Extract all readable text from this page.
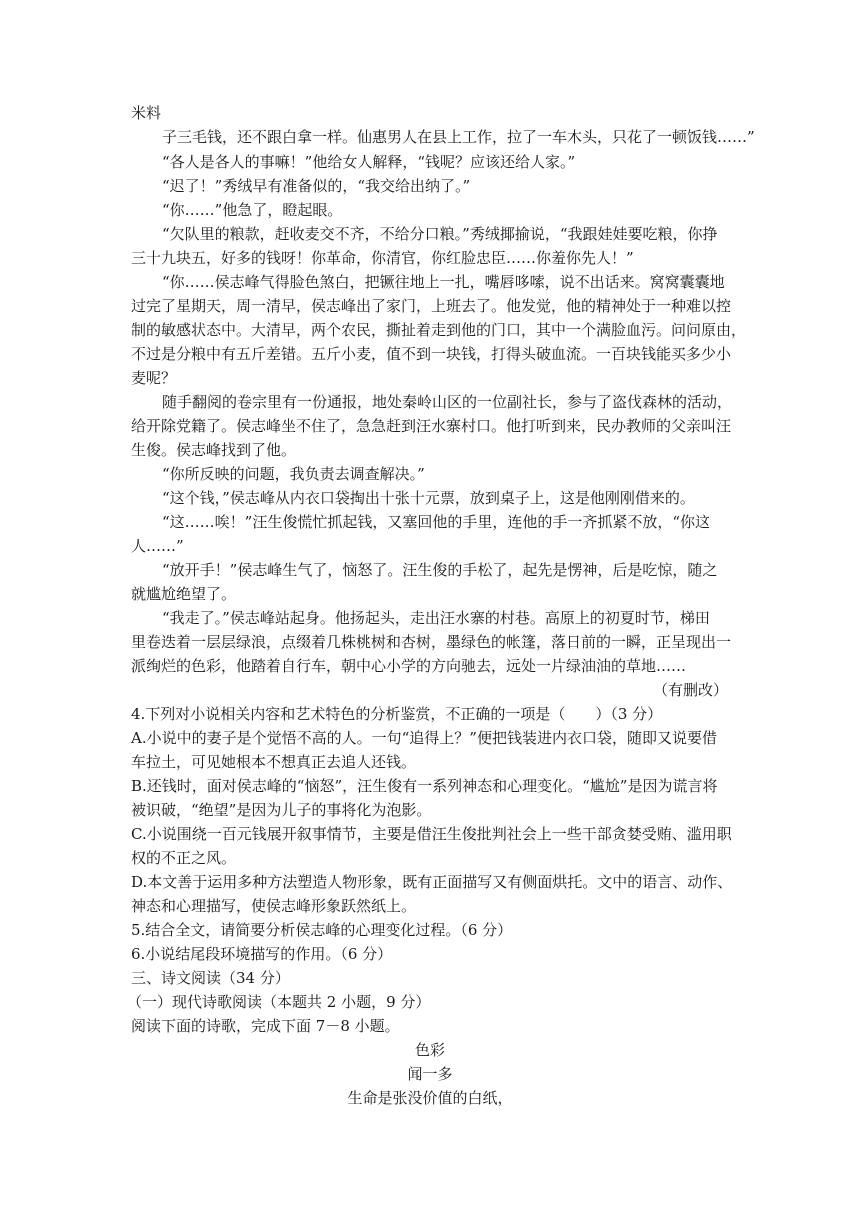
米料
子三毛钱，还不跟白拿一样。仙惠男人在县上工作，拉了一车木头，只花了一顿饭钱……”
“各人是各人的事嘛！”他给女人解释，“钱呢？应该还给人家。”
“迟了！”秀绒早有准备似的，“我交给出纳了。”
“你……”他急了，瞪起眼。
“欠队里的粮款，赶收麦交不齐，不给分口粮。”秀绒揶揄说，“我跟娃娃要吃粮，你挣
三十九块五，好多的钱呀！你革命，你清官，你红脸忠臣……你羞你先人！”
“你……侯志峰气得脸色煞白，把镢往地上一扎，嘴唇哆嗦，说不出话来。窝窝囊囊地
过完了星期天，周一清早，侯志峰出了家门，上班去了。他发觉，他的精神处于一种难以控
制的敏感状态中。大清早，两个农民，撕扯着走到他的门口，其中一个满脸血污。问问原由，
不过是分粮中有五斤差错。五斤小麦，值不到一块钱，打得头破血流。一百块钱能买多少小
麦呢？
随手翻阅的卷宗里有一份通报，地处秦岭山区的一位副社长，参与了盗伐森林的活动，
给开除党籍了。侯志峰坐不住了，急急赶到汪水寨村口。他打听到来，民办教师的父亲叫汪
生俊。侯志峰找到了他。
“你所反映的问题，我负责去调查解决。”
“这个钱，”侯志峰从内衣口袋掏出十张十元票，放到桌子上，这是他刚刚借来的。
“这……唉！”汪生俊慌忙抓起钱，又塞回他的手里，连他的手一齐抓紧不放，“你这
人……”
“放开手！”侯志峰生气了，恼怒了。汪生俊的手松了，起先是愣神，后是吃惊，随之
就尴尬绝望了。
“我走了。”侯志峰站起身。他扬起头，走出汪水寨的村巷。高原上的初夏时节，梯田
里卷迭着一层层绿浪，点缀着几株桃树和杏树，墨绿色的帐篷，落日前的一瞬，正呈现出一
派绚烂的色彩，他踏着自行车，朝中心小学的方向驰去，远处一片绿油油的草地……
（有删改）
4.下列对小说相关内容和艺术特色的分析鉴赏，不正确的一项是（　　）（3 分）
A.小说中的妻子是个觉悟不高的人。一句“追得上？”便把钱装进内衣口袋，随即又说要借
车拉土，可见她根本不想真正去追人还钱。
B.还钱时，面对侯志峰的“恼怒”，汪生俊有一系列神态和心理变化。“尴尬”是因为谎言将
被识破，“绝望”是因为儿子的事将化为泡影。
C.小说围绕一百元钱展开叙事情节，主要是借汪生俊批判社会上一些干部贪婪受贿、滥用职
权的不正之风。
D.本文善于运用多种方法塑造人物形象，既有正面描写又有侧面烘托。文中的语言、动作、
神态和心理描写，使侯志峰形象跃然纸上。
5.结合全文，请简要分析侯志峰的心理变化过程。（6 分）
6.小说结尾段环境描写的作用。（6 分）
三、诗文阅读（34 分）
（一）现代诗歌阅读（本题共 2 小题，9 分）
阅读下面的诗歌，完成下面 7－8 小题。
色彩
闻一多
生命是张没价值的白纸，
